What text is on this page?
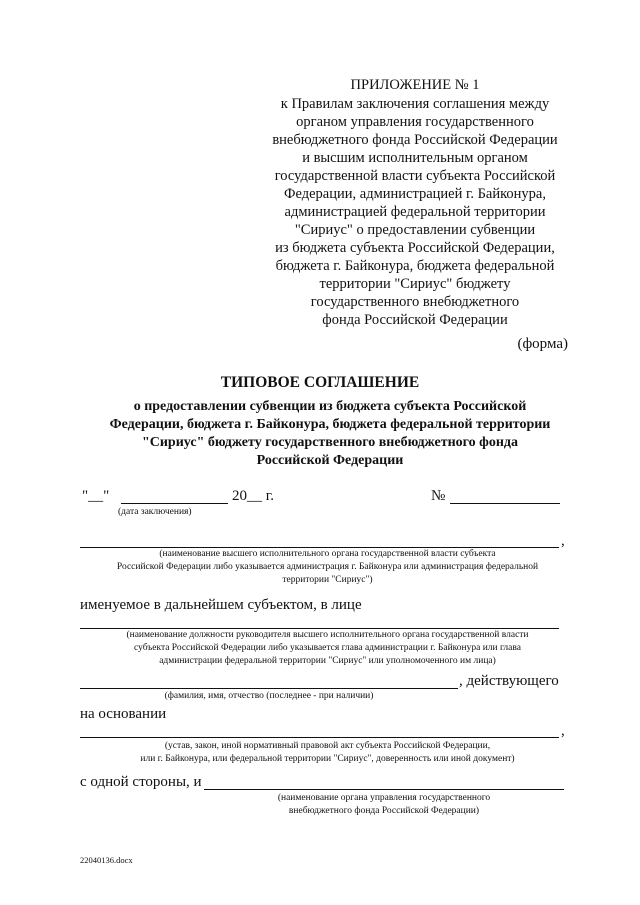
ПРИЛОЖЕНИЕ № 1
к Правилам заключения соглашения между
органом управления государственного
внебюджетного фонда Российской Федерации
и высшим исполнительным органом
государственной власти субъекта Российской
Федерации, администрацией г. Байконура,
администрацией федеральной территории
"Сириус" о предоставлении субвенции
из бюджета субъекта Российской Федерации,
бюджета г. Байконура, бюджета федеральной
территории "Сириус" бюджету
государственного внебюджетного
фонда Российской Федерации
(форма)
ТИПОВОЕ СОГЛАШЕНИЕ
о предоставлении субвенции из бюджета субъекта Российской
Федерации, бюджета г. Байконура, бюджета федеральной территории
"Сириус" бюджету государственного внебюджетного фонда
Российской Федерации
"__"	20__ г.	№
(дата заключения)
,
(наименование высшего исполнительного органа государственной власти субъекта
Российской Федерации либо указывается администрация г. Байконура или администрация федеральной
территории "Сириус")
именуемое в дальнейшем субъектом, в лице
(наименование должности руководителя высшего исполнительного органа государственной власти
субъекта Российской Федерации либо указывается глава администрации г. Байконура или глава
администрации федеральной территории "Сириус" или уполномоченного им лица)
, действующего
(фамилия, имя, отчество (последнее - при наличии)
на основании
,
(устав, закон, иной нормативный правовой акт субъекта Российской Федерации,
или г. Байконура, или федеральной территории "Сириус", доверенность или иной документ)
с одной стороны, и
(наименование органа управления государственного
внебюджетного фонда Российской Федерации)
22040136.docx
